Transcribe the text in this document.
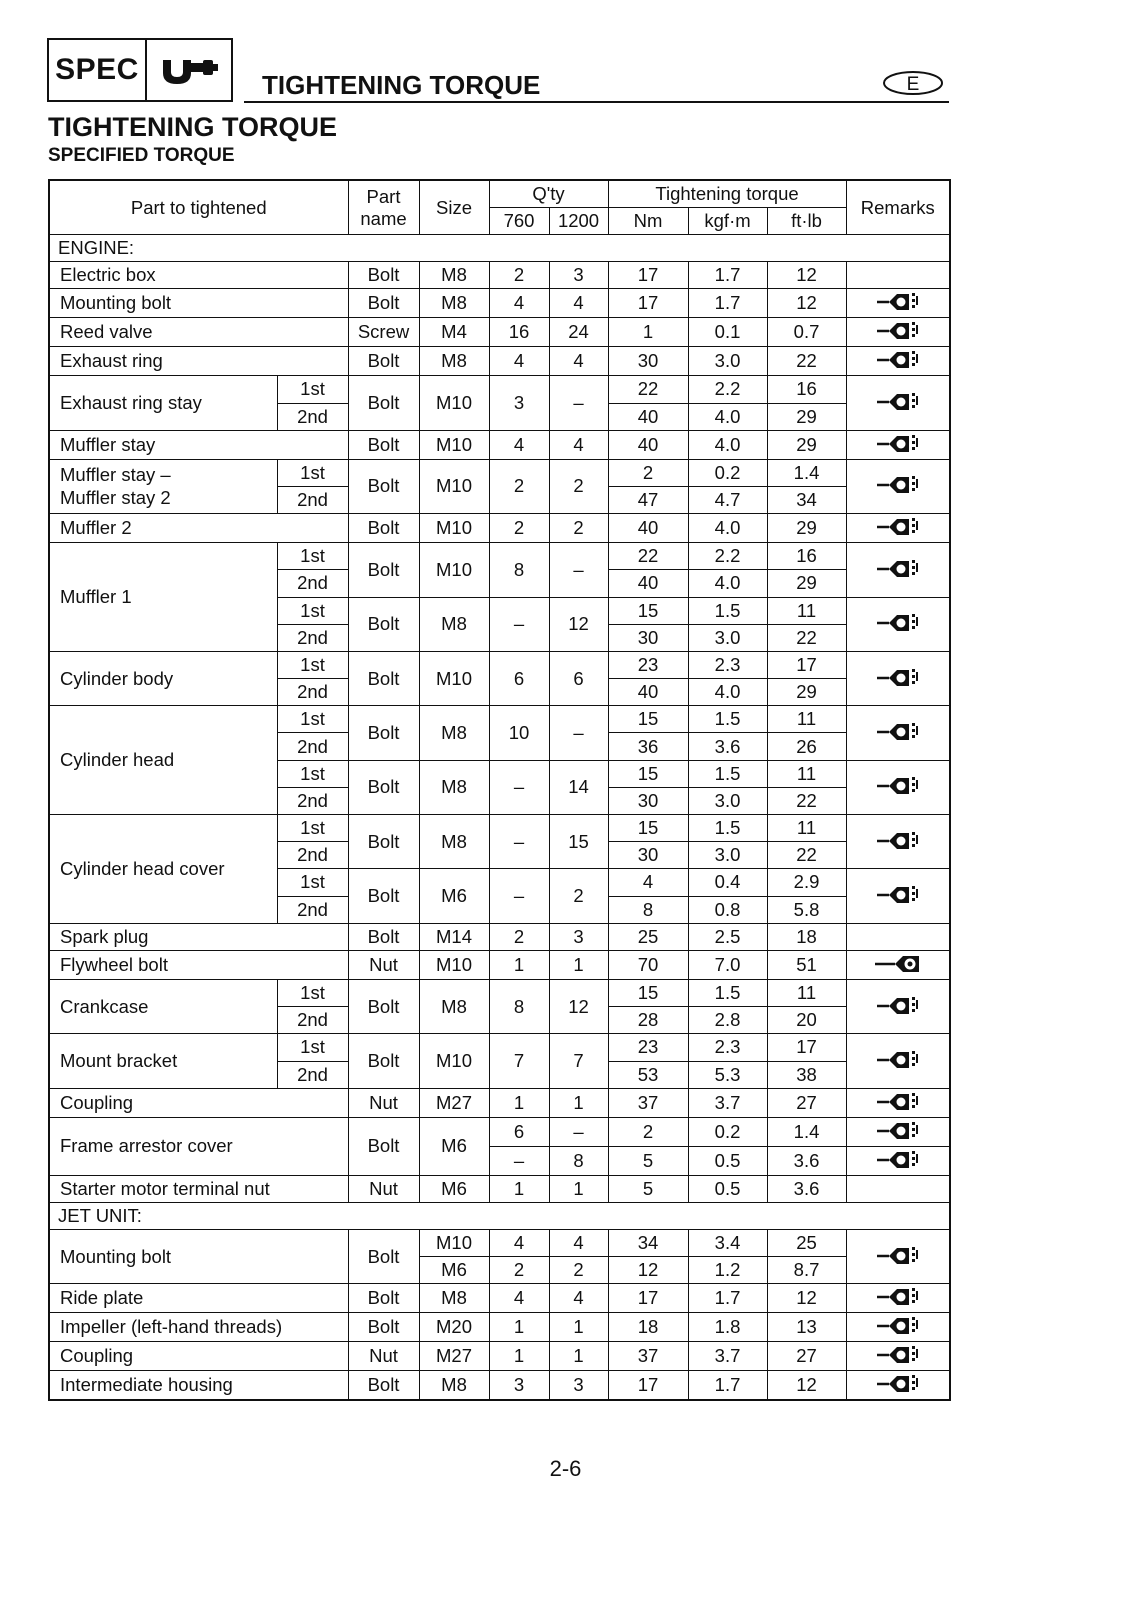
SPEC	TIGHTENING TORQUE	E
TIGHTENING TORQUE
SPECIFIED TORQUE
Part to tightened		Part name	Size	Q'ty		Tightening torque			Remarks
				760	1200	Nm	kgf·m	ft·lb	
ENGINE:									
Electric box		Bolt	M8	2	3	17	1.7	12	
Mounting bolt		Bolt	M8	4	4	17	1.7	12	

Reed valve		Screw	M4	16	24	1	0.1	0.7	

Exhaust ring		Bolt	M8	4	4	30	3.0	22	

Exhaust ring stay	1st	Bolt	M10	3	–	22	2.2	16	

	2nd					40	4.0	29	
Muffler stay		Bolt	M10	4	4	40	4.0	29	

Muffler stay –
Muffler stay 2	1st	Bolt	M10	2	2	2	0.2	1.4	

	2nd					47	4.7	34	
Muffler 2		Bolt	M10	2	2	40	4.0	29	

Muffler 1	1st	Bolt	M10	8	–	22	2.2	16	

	2nd					40	4.0	29	
	1st	Bolt	M8	–	12	15	1.5	11	

	2nd					30	3.0	22	
Cylinder body	1st	Bolt	M10	6	6	23	2.3	17	

	2nd					40	4.0	29	
Cylinder head	1st	Bolt	M8	10	–	15	1.5	11	

	2nd					36	3.6	26	
	1st	Bolt	M8	–	14	15	1.5	11	

	2nd					30	3.0	22	
Cylinder head cover	1st	Bolt	M8	–	15	15	1.5	11	

	2nd					30	3.0	22	
	1st	Bolt	M6	–	2	4	0.4	2.9	

	2nd					8	0.8	5.8	
Spark plug		Bolt	M14	2	3	25	2.5	18	
Flywheel bolt		Nut	M10	1	1	70	7.0	51	

Crankcase	1st	Bolt	M8	8	12	15	1.5	11	

	2nd					28	2.8	20	
Mount bracket	1st	Bolt	M10	7	7	23	2.3	17	

	2nd					53	5.3	38	
Coupling		Nut	M27	1	1	37	3.7	27	

Frame arrestor cover		Bolt	M6	6	–	2	0.2	1.4	

				–	8	5	0.5	3.6	

Starter motor terminal nut		Nut	M6	1	1	5	0.5	3.6	
JET UNIT:									
Mounting bolt		Bolt	M10	4	4	34	3.4	25	

			M6	2	2	12	1.2	8.7	
Ride plate		Bolt	M8	4	4	17	1.7	12	

Impeller (left-hand threads)		Bolt	M20	1	1	18	1.8	13	

Coupling		Nut	M27	1	1	37	3.7	27	

Intermediate housing		Bolt	M8	3	3	17	1.7	12	
2-6
